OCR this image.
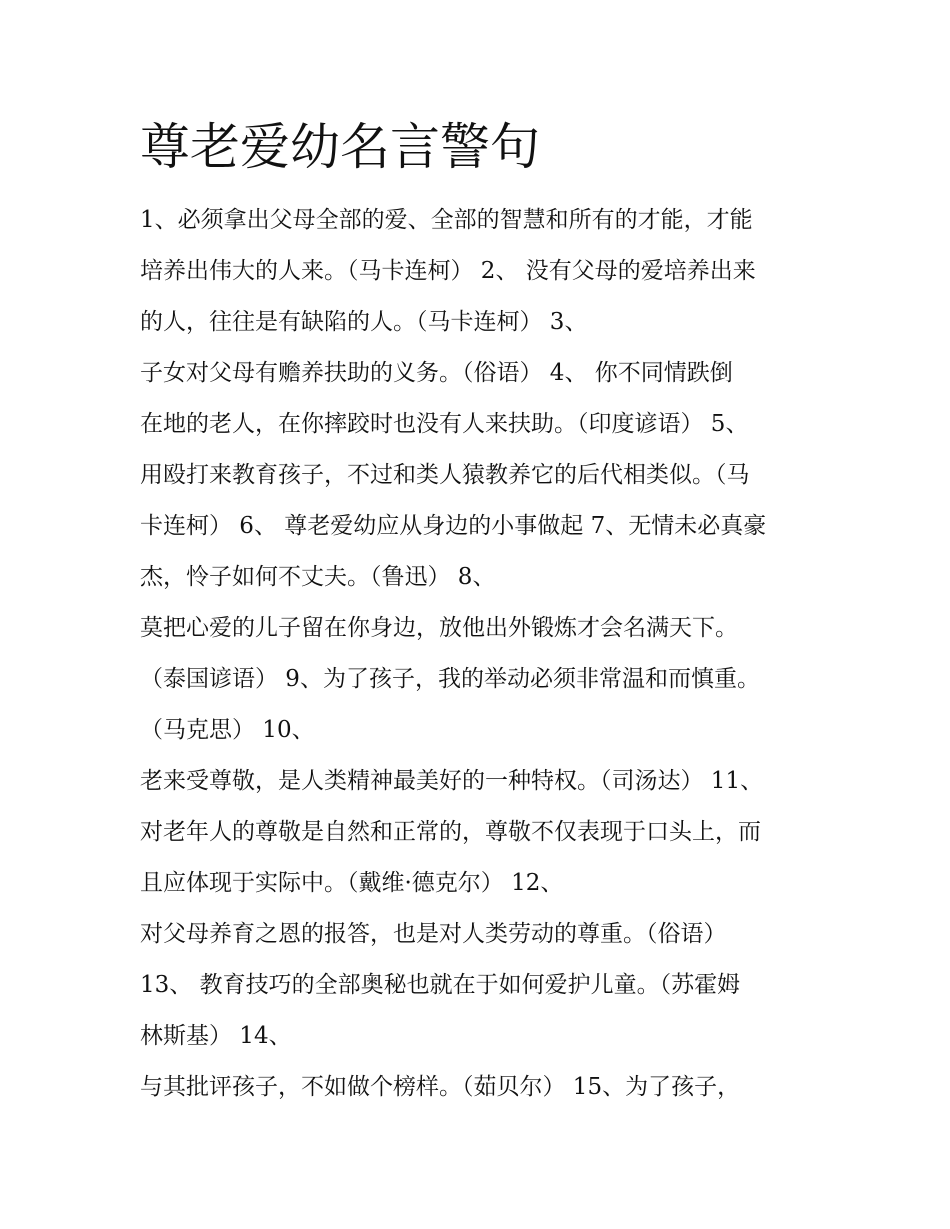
尊老爱幼名言警句
1、必须拿出父母全部的爱、全部的智慧和所有的才能，才能
培养出伟大的人来。（马卡连柯） 2、 没有父母的爱培养出来
的人，往往是有缺陷的人。（马卡连柯） 3、
子女对父母有赡养扶助的义务。（俗语） 4、 你不同情跌倒
在地的老人，在你摔跤时也没有人来扶助。（印度谚语） 5、
用殴打来教育孩子，不过和类人猿教养它的后代相类似。（马
卡连柯） 6、 尊老爱幼应从身边的小事做起 7、无情未必真豪
杰，怜子如何不丈夫。（鲁迅） 8、
莫把心爱的儿子留在你身边，放他出外锻炼才会名满天下。
（泰国谚语） 9、为了孩子，我的举动必须非常温和而慎重。
（马克思） 10、
老来受尊敬，是人类精神最美好的一种特权。（司汤达） 11、
对老年人的尊敬是自然和正常的，尊敬不仅表现于口头上，而
且应体现于实际中。（戴维·德克尔） 12、
对父母养育之恩的报答，也是对人类劳动的尊重。（俗语）
13、 教育技巧的全部奥秘也就在于如何爱护儿童。（苏霍姆
林斯基） 14、
与其批评孩子，不如做个榜样。（茹贝尔） 15、为了孩子，
